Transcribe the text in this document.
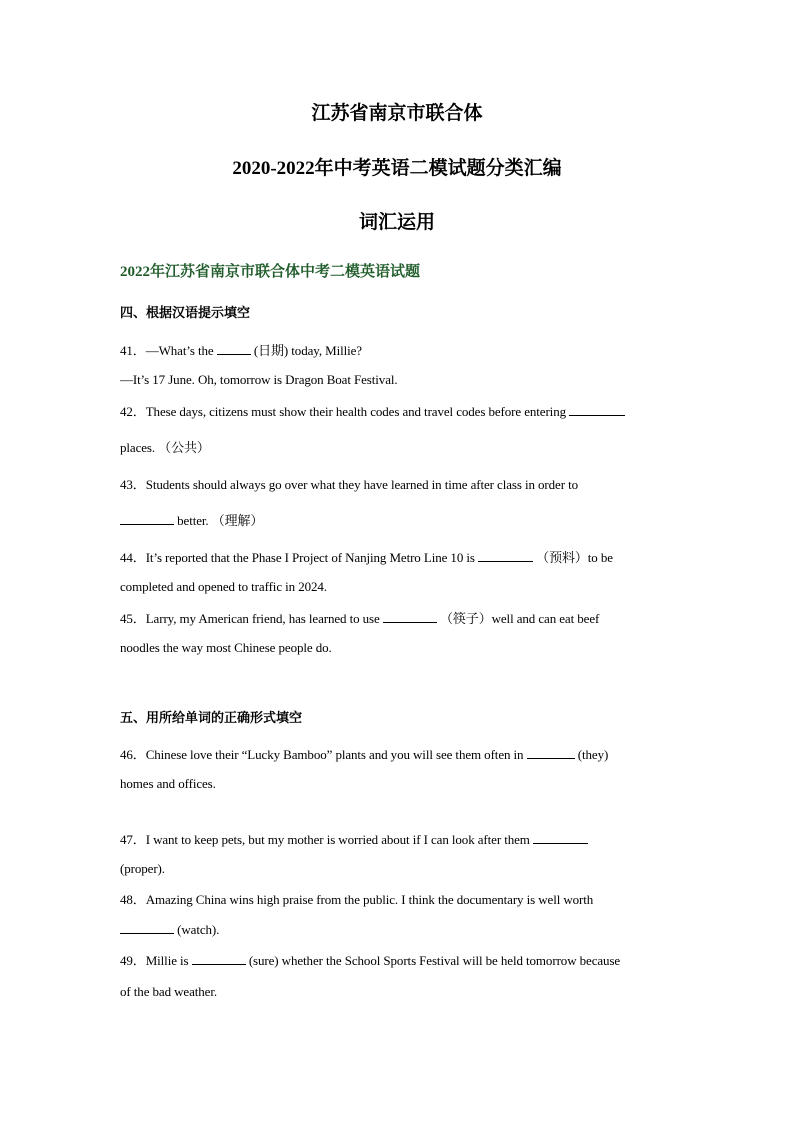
江苏省南京市联合体
2020-2022年中考英语二模试题分类汇编
词汇运用
2022年江苏省南京市联合体中考二模英语试题
四、根据汉语提示填空
41．—What’s the	(日期) today, Millie?
—It’s 17 June. Oh, tomorrow is Dragon Boat Festival.
42．These days, citizens must show their health codes and travel codes before entering
places. （公共）
43．Students should always go over what they have learned in time after class in order to
better. （理解）
44．It’s reported that the Phase I Project of Nanjing Metro Line 10 is	（预料）to be
completed and opened to traffic in 2024.
45．Larry, my American friend, has learned to use	（筷子）well and can eat beef
noodles the way most Chinese people do.
五、用所给单词的正确形式填空
46．Chinese love their “Lucky Bamboo” plants and you will see them often in	(they)
homes and offices.
47．I want to keep pets, but my mother is worried about if I can look after them
(proper).
48．Amazing China wins high praise from the public. I think the documentary is well worth
(watch).
49．Millie is	(sure) whether the School Sports Festival will be held tomorrow because
of the bad weather.
